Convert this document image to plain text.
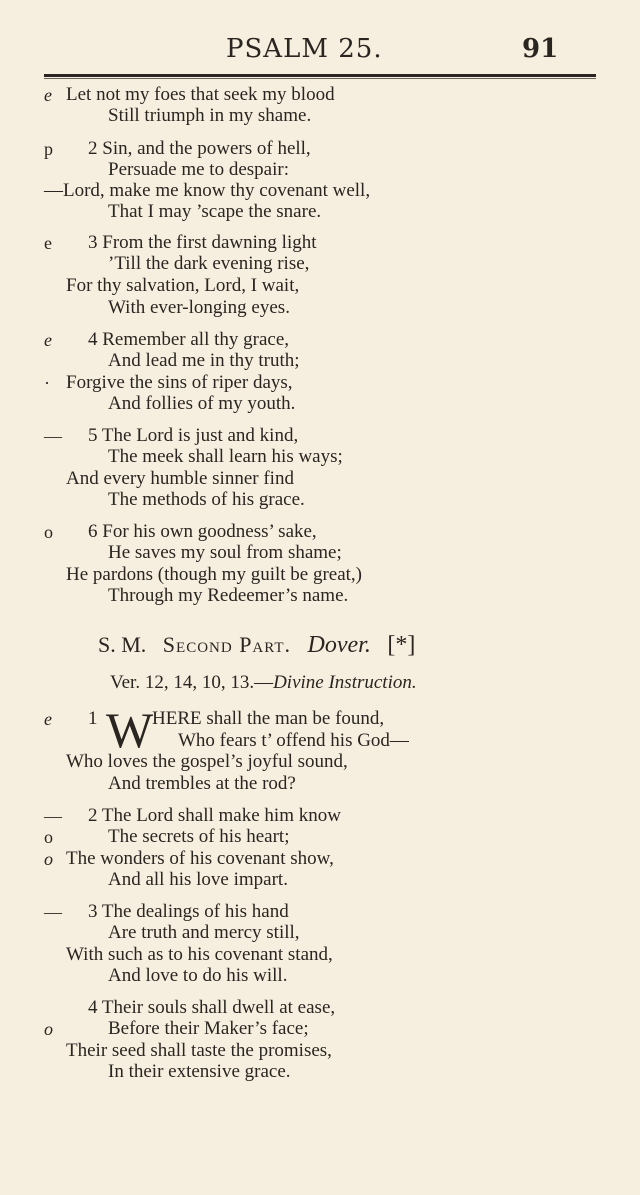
PSALM 25.	91
e Let not my foes that seek my blood
Still triumph in my shame.
p 2 Sin, and the powers of hell,
Persuade me to despair:
—Lord, make me know thy covenant well,
That I may ’scape the snare.
e 3 From the first dawning light
’Till the dark evening rise,
For thy salvation, Lord, I wait,
With ever-longing eyes.
e 4 Remember all thy grace,
And lead me in thy truth;
· Forgive the sins of riper days,
And follies of my youth.
— 5 The Lord is just and kind,
The meek shall learn his ways;
And every humble sinner find
The methods of his grace.
o 6 For his own goodness’ sake,
He saves my soul from shame;
He pardons (though my guilt be great,)
Through my Redeemer’s name.
S. M. Second Part. Dover. [*]
Ver. 12, 14, 10, 13.—Divine Instruction.
e 1 W
HERE shall the man be found,
Who fears t’ offend his God—
Who loves the gospel’s joyful sound,
And trembles at the rod?
— 2 The Lord shall make him know
o	The secrets of his heart;
o The wonders of his covenant show,
And all his love impart.
— 3 The dealings of his hand
Are truth and mercy still,
With such as to his covenant stand,
And love to do his will.
4 Their souls shall dwell at ease,
o	Before their Maker’s face;
Their seed shall taste the promises,
In their extensive grace.
